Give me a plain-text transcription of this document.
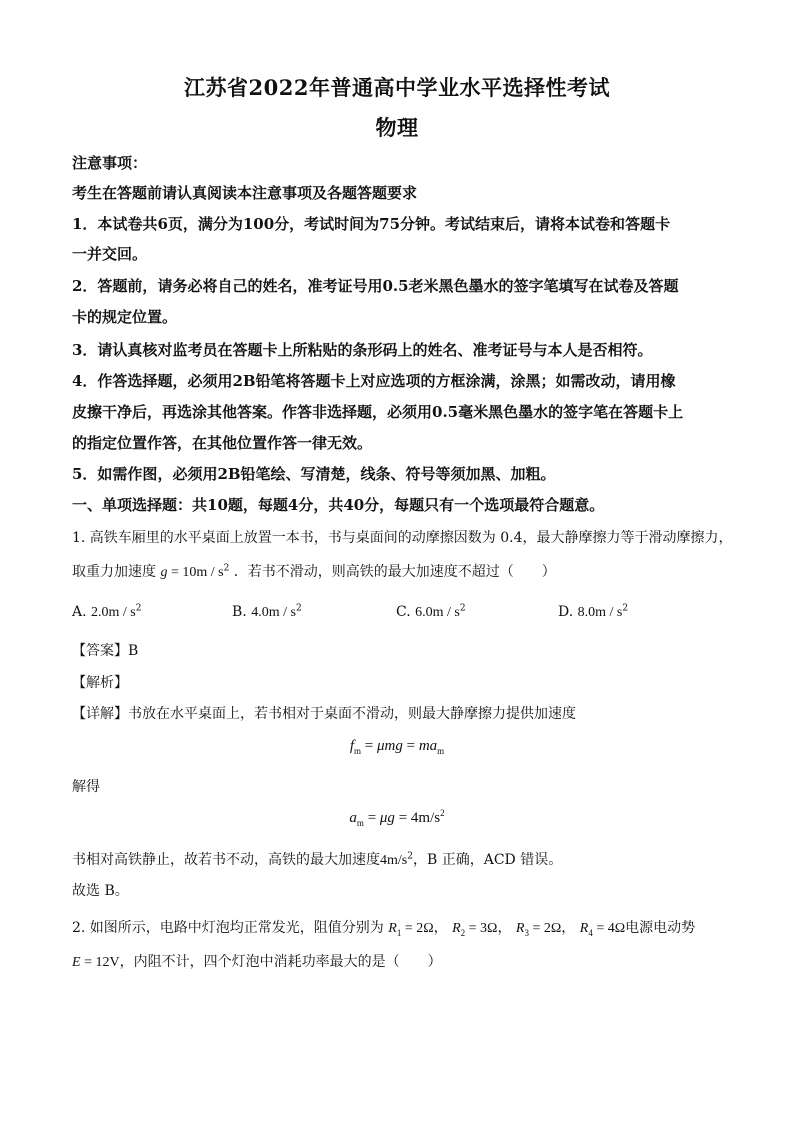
江苏省2022年普通高中学业水平选择性考试
物理
注意事项：
考生在答题前请认真阅读本注意事项及各题答题要求
1．本试卷共6页，满分为100分，考试时间为75分钟。考试结束后，请将本试卷和答题卡
一并交回。
2．答题前，请务必将自己的姓名，准考证号用0.5老米黑色墨水的签字笔填写在试卷及答题
卡的规定位置。
3．请认真核对监考员在答题卡上所粘贴的条形码上的姓名、准考证号与本人是否相符。
4．作答选择题，必须用2B铅笔将答题卡上对应选项的方框涂满，涂黑；如需改动，请用橡
皮擦干净后，再选涂其他答案。作答非选择题，必须用0.5毫米黑色墨水的签字笔在答题卡上
的指定位置作答，在其他位置作答一律无效。
5．如需作图，必须用2B铅笔绘、写清楚，线条、符号等须加黑、加粗。
一、单项选择题：共10题，每题4分，共40分，每题只有一个选项最符合题意。
1. 高铁车厢里的水平桌面上放置一本书，书与桌面间的动摩擦因数为 0.4，最大静摩擦力等于滑动摩擦力，
取重力加速度 $g = 10m / s^2$ ．若书不滑动，则高铁的最大加速度不超过（　　）
A. $2.0m / s^2$	B. $4.0m / s^2$	C. $6.0m / s^2$	D. $8.0m / s^2$
【答案】B
【解析】
【详解】书放在水平桌面上，若书相对于桌面不滑动，则最大静摩擦力提供加速度
$f_m = \mu mg = ma_m$
解得
$a_m = \mu g = 4m/s^2$
书相对高铁静止，故若书不动，高铁的最大加速度$4m/s^2$，B 正确，ACD 错误。
故选 B。
2. 如图所示，电路中灯泡均正常发光，阻值分别为 $R_1 = 2\Omega$， $R_2 = 3\Omega$， $R_3 = 2\Omega$， $R_4 = 4\Omega$电源电动势
E = 12V，内阻不计，四个灯泡中消耗功率最大的是（　　）
